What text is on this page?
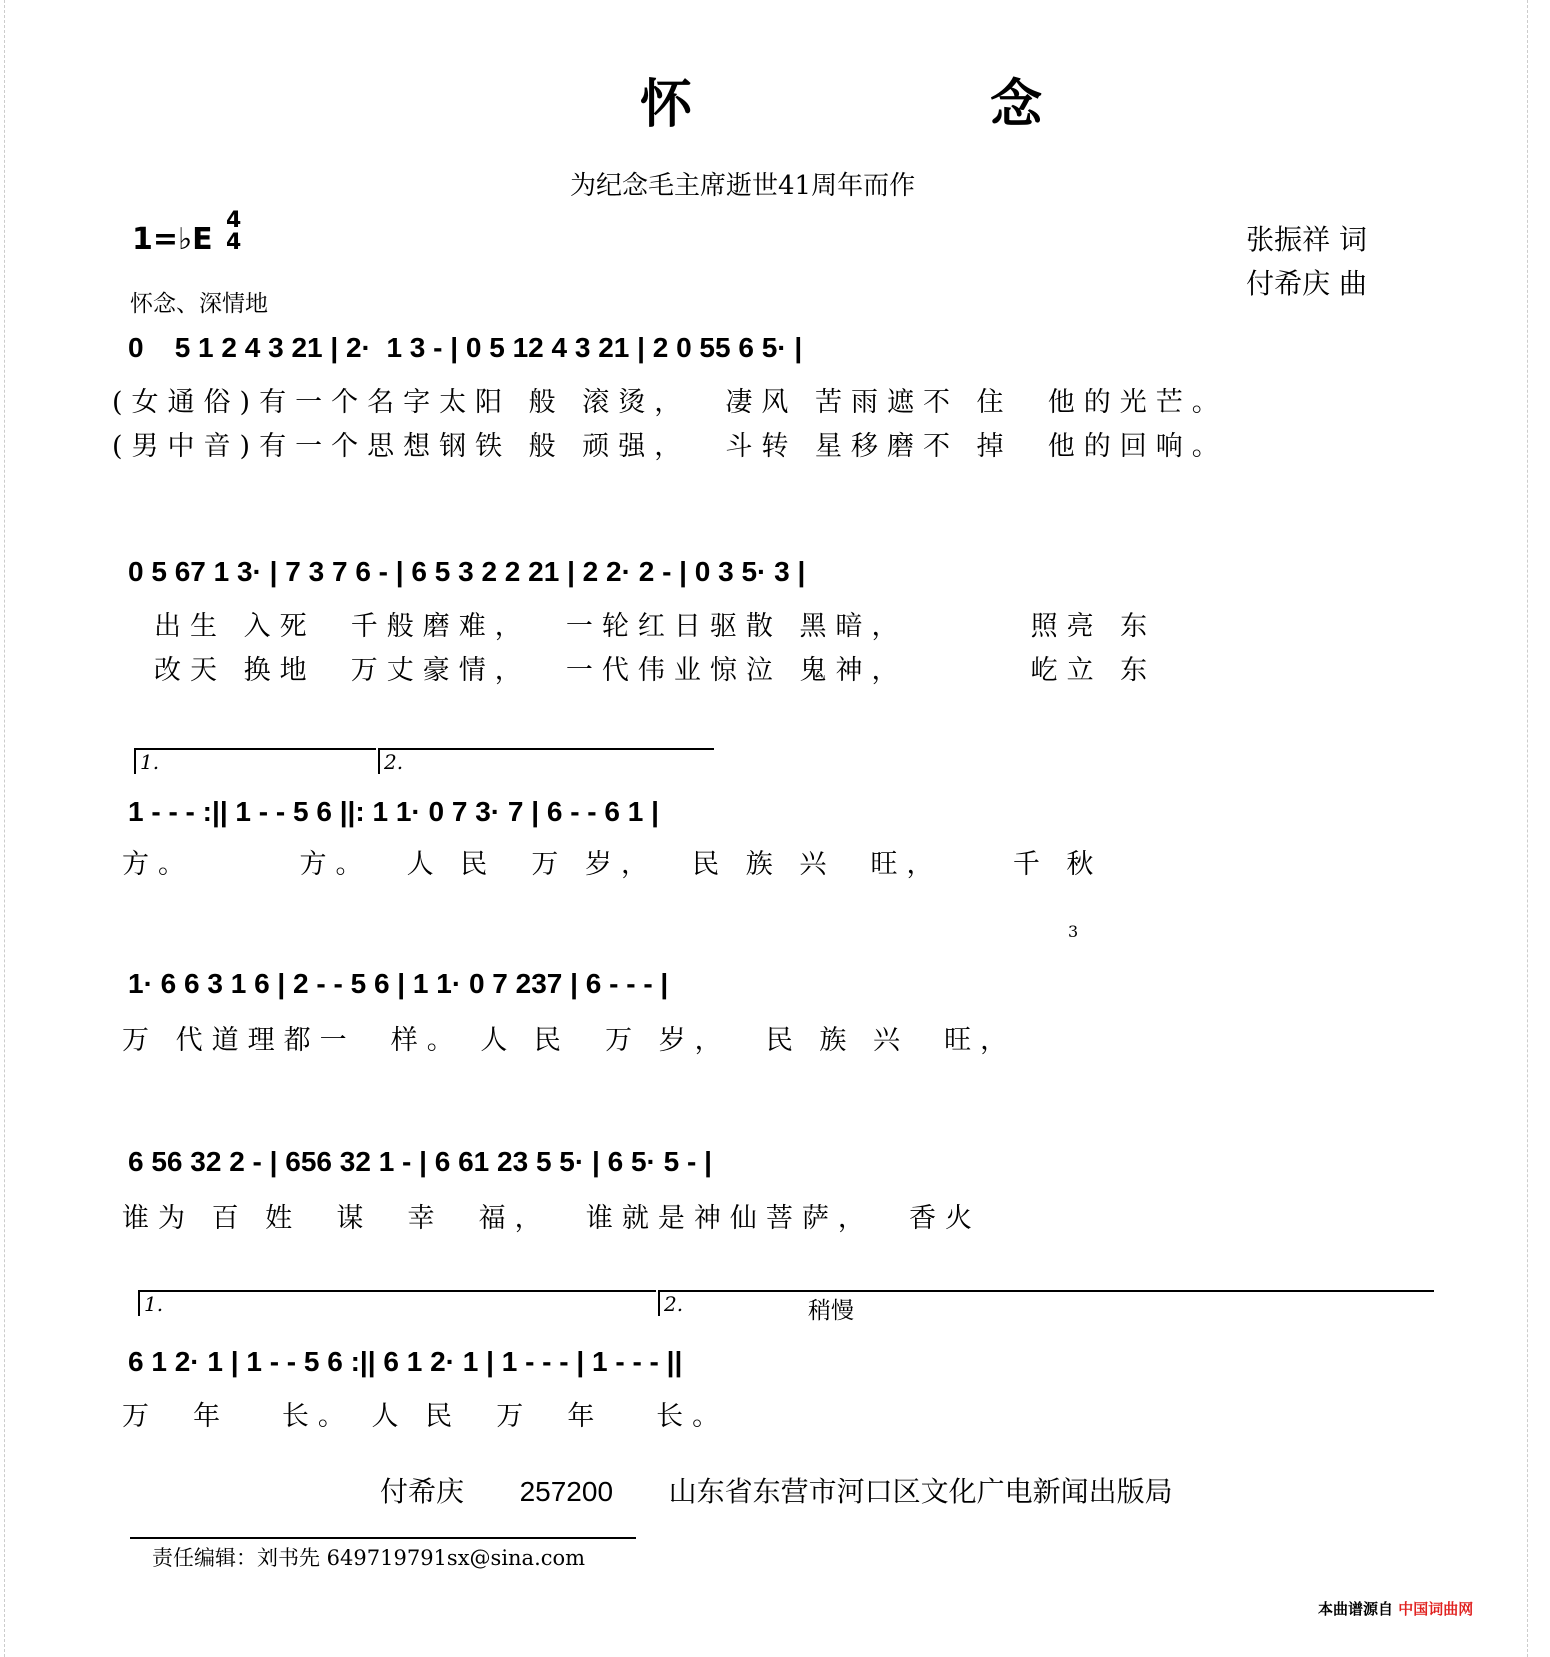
怀 念
为纪念毛主席逝世41周年而作
1=♭E
4
4
怀念、深情地
张振祥 词
付希庆 曲
0    5 1 2 4 3 21 | 2·  1 3 - | 0 5 12 4 3 21 | 2 0 55 6 5· |
(女通俗)有一个名字太阳 般 滚烫，  凄风 苦雨遮不 住  他的光芒。
(男中音)有一个思想钢铁 般 顽强，  斗转 星移磨不 掉  他的回响。
0 5 67 1 3· | 7 3 7 6 - | 6 5 3 2 2 21 | 2 2· 2 - | 0 3 5· 3 |
出生 入死  千般磨难，  一轮红日驱散 黑暗，       照亮 东
改天 换地  万丈豪情，  一代伟业惊泣 鬼神，       屹立 东
1.	2.
1 - - - :|| 1 - - 5 6 ||: 1 1· 0 7 3· 7 | 6 - - 6 1 |
方。      方。  人 民  万 岁，  民 族 兴  旺，    千 秋
3
1· 6 6 3 1 6 | 2 - - 5 6 | 1 1· 0 7 237 | 6 - - - |
万 代道理都一  样。 人 民  万 岁，  民 族 兴  旺，
6 56 32 2 - | 656 32 1 - | 6 61 23 5 5· | 6 5· 5 - |
谁为 百 姓  谋  幸  福，  谁就是神仙菩萨，  香火
1.	2.	稍慢
6 1 2· 1 | 1 - - 5 6 :|| 6 1 2· 1 | 1 - - - | 1 - - - ||
万  年   长。 人 民  万  年   长。
付希庆 257200 山东省东营市河口区文化广电新闻出版局
责任编辑：刘书先 649719791sx@sina.com
本曲谱源自 中国词曲网
